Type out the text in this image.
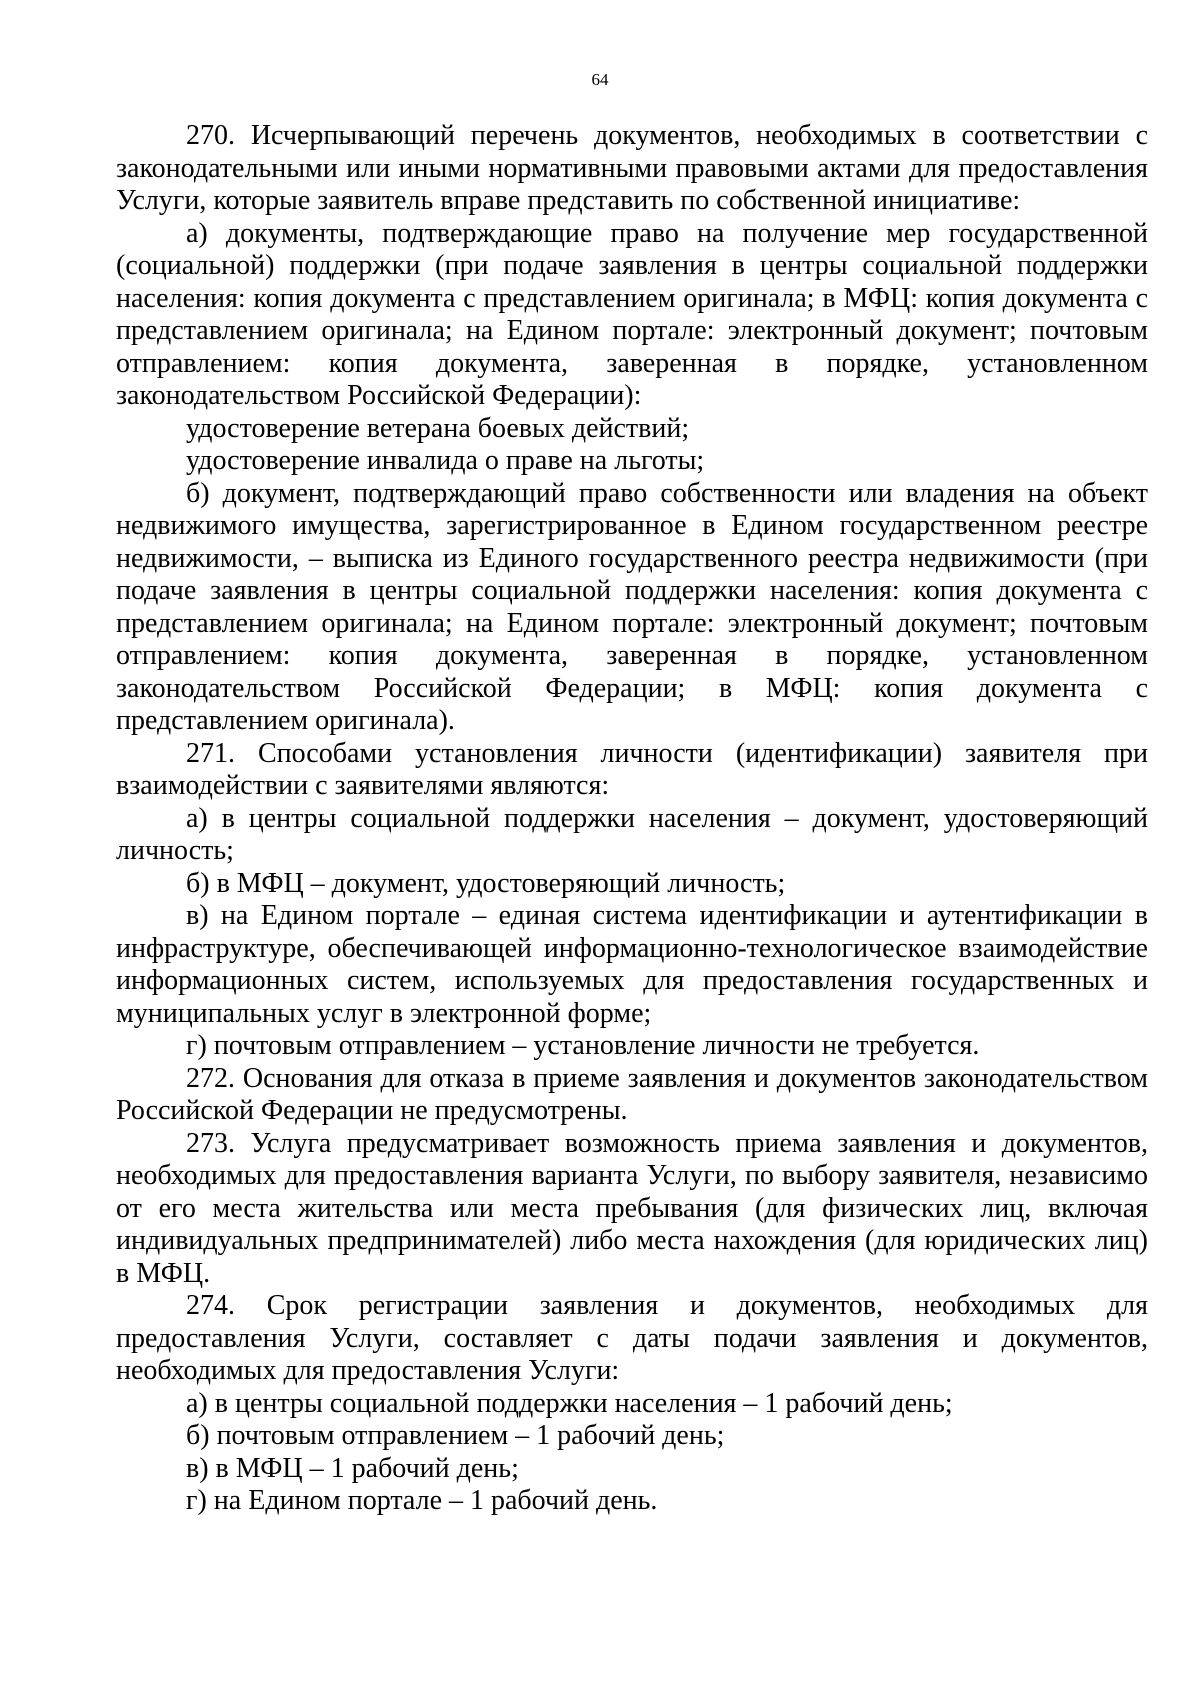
64

270. Исчерпывающий перечень документов, необходимых в соответствии с законодательными или иными нормативными правовыми актами для предоставления Услуги, которые заявитель вправе представить по собственной инициативе:

а) документы, подтверждающие право на получение мер государственной (социальной) поддержки (при подаче заявления в центры социальной поддержки населения: копия документа с представлением оригинала; в МФЦ: копия документа с представлением оригинала; на Едином портале: электронный документ; почтовым отправлением: копия документа, заверенная в порядке, установленном законодательством Российской Федерации):

удостоверение ветерана боевых действий;

удостоверение инвалида о праве на льготы;

б) документ, подтверждающий право собственности или владения на объект недвижимого имущества, зарегистрированное в Едином государственном реестре недвижимости, – выписка из Единого государственного реестра недвижимости (при подаче заявления в центры социальной поддержки населения: копия документа с представлением оригинала; на Едином портале: электронный документ; почтовым отправлением: копия документа, заверенная в порядке, установленном законодательством Российской Федерации; в МФЦ: копия документа с представлением оригинала).

271. Способами установления личности (идентификации) заявителя при взаимодействии с заявителями являются:

а) в центры социальной поддержки населения – документ, удостоверяющий личность;

б) в МФЦ – документ, удостоверяющий личность;

в) на Едином портале – единая система идентификации и аутентификации в инфраструктуре, обеспечивающей информационно-технологическое взаимодействие информационных систем, используемых для предоставления государственных и муниципальных услуг в электронной форме;

г) почтовым отправлением – установление личности не требуется.

272. Основания для отказа в приеме заявления и документов законодательством Российской Федерации не предусмотрены.

273. Услуга предусматривает возможность приема заявления и документов, необходимых для предоставления варианта Услуги, по выбору заявителя, независимо от его места жительства или места пребывания (для физических лиц, включая индивидуальных предпринимателей) либо места нахождения (для юридических лиц) в МФЦ.

274. Срок регистрации заявления и документов, необходимых для предоставления Услуги, составляет с даты подачи заявления и документов, необходимых для предоставления Услуги:

а) в центры социальной поддержки населения – 1 рабочий день;

б) почтовым отправлением – 1 рабочий день;

в) в МФЦ – 1 рабочий день;

г) на Едином портале – 1 рабочий день.
